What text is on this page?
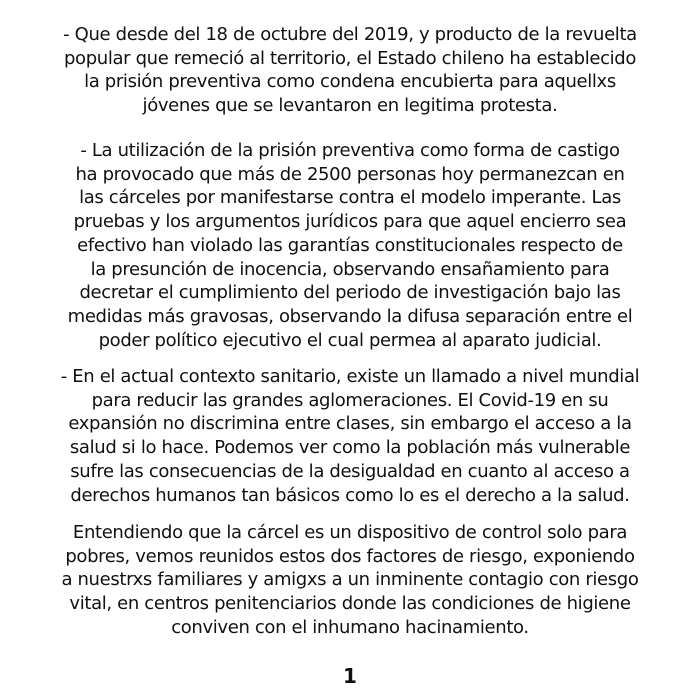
- Que desde del 18 de octubre del 2019, y producto de la revuelta
popular que remeció al territorio, el Estado chileno ha establecido
la prisión preventiva como condena encubierta para aquellxs
jóvenes que se levantaron en legitima protesta.
- La utilización de la prisión preventiva como forma de castigo
ha provocado que más de 2500 personas hoy permanezcan en
las cárceles por manifestarse contra el modelo imperante. Las
pruebas y los argumentos jurídicos para que aquel encierro sea
efectivo han violado las garantías constitucionales respecto de
la presunción de inocencia, observando ensañamiento para
decretar el cumplimiento del periodo de investigación bajo las
medidas más gravosas, observando la difusa separación entre el
poder político ejecutivo el cual permea al aparato judicial.
- En el actual contexto sanitario, existe un llamado a nivel mundial
para reducir las grandes aglomeraciones. El Covid-19 en su
expansión no discrimina entre clases, sin embargo el acceso a la
salud si lo hace. Podemos ver como la población más vulnerable
sufre las consecuencias de la desigualdad en cuanto al acceso a
derechos humanos tan básicos como lo es el derecho a la salud.
Entendiendo que la cárcel es un dispositivo de control solo para
pobres, vemos reunidos estos dos factores de riesgo, exponiendo
a nuestrxs familiares y amigxs a un inminente contagio con riesgo
vital, en centros penitenciarios donde las condiciones de higiene
conviven con el inhumano hacinamiento.
1
